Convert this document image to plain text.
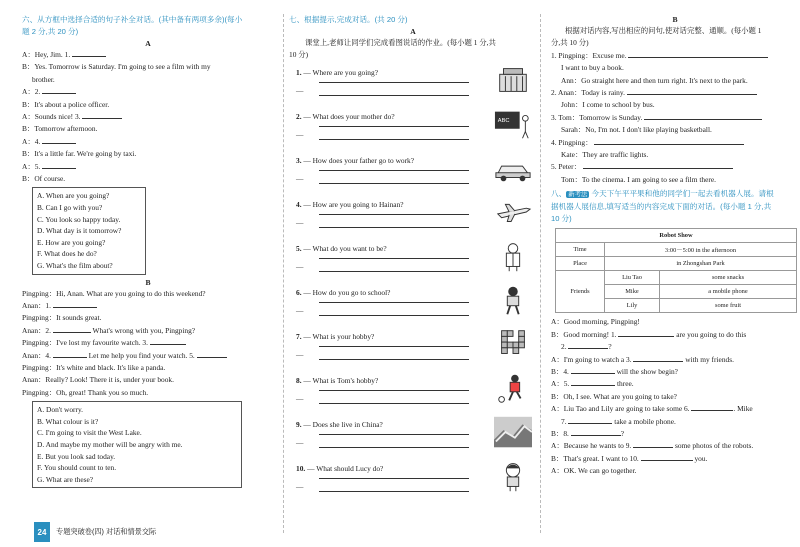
六、从方框中选择合适的句子补全对话。(其中备有两项多余)(每小
题 2 分,共 20 分)
A
A：Hey, Jim. 1.
B：Yes. Tomorrow is Saturday. I'm going to see a film with my
brother.
A：2.
B：It's about a police officer.
A：Sounds nice! 3.
B：Tomorrow afternoon.
A：4.
B：It's a little far. We're going by taxi.
A：5.
B：Of course.
A. When are you going?
B. Can I go with you?
C. You look so happy today.
D. What day is it tomorrow?
E. How are you going?
F. What does he do?
G. What's the film about?
B
Pingping：Hi, Anan. What are you going to do this weekend?
Anan：1.
Pingping：It sounds great.
Anan：2.	What's wrong with you, Pingping?
Pingping：I've lost my favourite watch. 3.
Anan：4.	Let me help you find your watch. 5.
Pingping：It's white and black. It's like a panda.
Anan：Really? Look! There it is, under your book.
Pingping：Oh, great! Thank you so much.
A. Don't worry.
B. What colour is it?
C. I'm going to visit the West Lake.
D. And maybe my mother will be angry with me.
E. But you look sad today.
F. You should count to ten.
G. What are these?
七、根据提示,完成对话。(共 20 分)
A
课堂上,老师让同学们完成看图说话的作业。(每小题 1 分,共
10 分)
1. — Where are you going?
—
2. — What does your mother do?
—
ABC
3. — How does your father go to work?
—
4. — How are you going to Hainan?
—
5. — What do you want to be?
—
6. — How do you go to school?
—
7. — What is your hobby?
—
8. — What is Tom's hobby?
—
9. — Does she live in China?
—
10. — What should Lucy do?
—
B
根据对话内容,写出相应的问句,使对话完整、通顺。(每小题 1
分,共 10 分)
1. Pingping：Excuse me.
I want to buy a book.
Ann：Go straight here and then turn right. It's next to the park.
2. Anan：Today is rainy.
John：I come to school by bus.
3. Tom：Tomorrow is Sunday.
Sarah：No, I'm not. I don't like playing basketball.
4. Pingping：
Kate：They are traffic lights.
5. Peter：
Tom：To the cinema. I am going to see a film there.
八、 新考法 今天下午平平果和他的同学们一起去看机器人展。请根
据机器人展信息,填写适当的内容完成下面的对话。(每小题 1 分,共
10 分)
Robot Show		
Time	3:00－5:00 in the afternoon	
Place	in Zhongshan Park	
Friends	Liu Tao	some snacks
	Mike	a mobile phone
	Lily	some fruit
A：Good morning, Pingping!
B：Good morning! 1.	are you going to do this
2.	?
A：I'm going to watch a 3.	with my friends.
B：4.	will the show begin?
A：5.	three.
B：Oh, I see. What are you going to take?
A：Liu Tao and Lily are going to take some 6.	. Mike
7.	take a mobile phone.
B：8.	?
A：Because he wants to 9.	some photos of the robots.
B：That's great. I want to 10.	you.
A：OK. We can go together.
24	专题突破卷(四) 对话和情景交际
